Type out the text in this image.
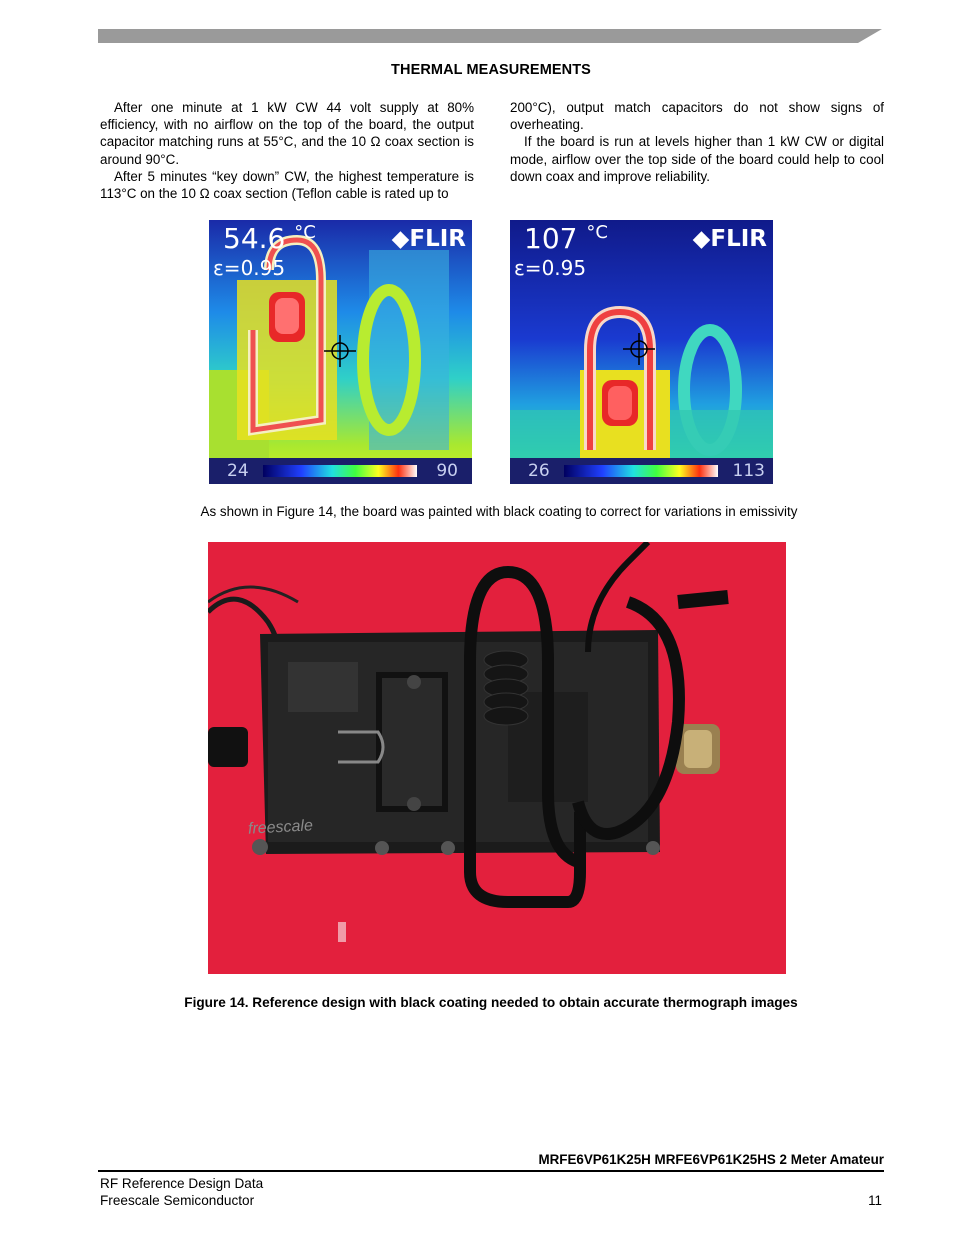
THERMAL MEASUREMENTS

After one minute at 1 kW CW 44 volt supply at 80% efficiency, with no airflow on the top of the board, the output capacitor matching runs at 55°C, and the 10 Ω coax section is around 90°C.

After 5 minutes “key down” CW, the highest temperature is 113°C on the 10 Ω coax section (Teflon cable is rated up to

200°C), output match capacitors do not show signs of overheating.

If the board is run at levels higher than 1 kW CW or digital mode, airflow over the top side of the board could help to cool down coax and improve reliability.

54.6 $^{^\circ C}$
ε=0.95
◆FLIR
24	90
107 $^{^\circ C}$
ε=0.95
◆FLIR
26	113
As shown in Figure 14, the board was painted with black coating to correct for variations in emissivity
freescale
Figure 14. Reference design with black coating needed to obtain accurate thermograph images
MRFE6VP61K25H MRFE6VP61K25HS 2 Meter Amateur
RF Reference Design Data
Freescale Semiconductor	11
